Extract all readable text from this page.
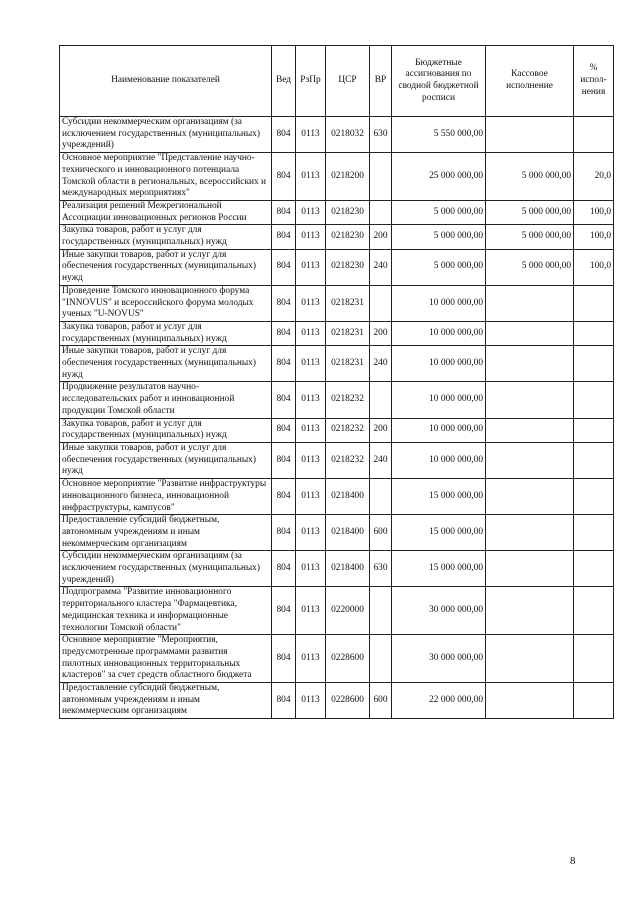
Наименование показателей	Вед	РзПр	ЦСР	ВР	Бюджетные ассигнования по сводной бюджетной росписи	Кассовое исполнение	% испол-нения
Субсидии некоммерческим организациям (за исключением государственных (муниципальных) учреждений)	804	0113	0218032	630	5 550 000,00		
Основное мероприятие "Представление научно-технического и инновационного потенциала Томской области в региональных, всероссийских и международных мероприятиях"	804	0113	0218200		25 000 000,00	5 000 000,00	20,0
Реализация решений Межрегиональной Ассоциации инновационных регионов России	804	0113	0218230		5 000 000,00	5 000 000,00	100,0
Закупка товаров, работ и услуг для государственных (муниципальных) нужд	804	0113	0218230	200	5 000 000,00	5 000 000,00	100,0
Иные закупки товаров, работ и услуг для обеспечения государственных (муниципальных) нужд	804	0113	0218230	240	5 000 000,00	5 000 000,00	100,0
Проведение Томского инновационного форума "INNOVUS" и всероссийского форума молодых ученых "U-NOVUS"	804	0113	0218231		10 000 000,00		
Закупка товаров, работ и услуг для государственных (муниципальных) нужд	804	0113	0218231	200	10 000 000,00		
Иные закупки товаров, работ и услуг для обеспечения государственных (муниципальных) нужд	804	0113	0218231	240	10 000 000,00		
Продвижение результатов научно-исследовательских работ и инновационной продукции Томской области	804	0113	0218232		10 000 000,00		
Закупка товаров, работ и услуг для государственных (муниципальных) нужд	804	0113	0218232	200	10 000 000,00		
Иные закупки товаров, работ и услуг для обеспечения государственных (муниципальных) нужд	804	0113	0218232	240	10 000 000,00		
Основное мероприятие "Развитие инфраструктуры инновационного бизнеса, инновационной инфраструктуры, кампусов"	804	0113	0218400		15 000 000,00		
Предоставление субсидий бюджетным, автономным учреждениям и иным некоммерческим организациям	804	0113	0218400	600	15 000 000,00		
Субсидии некоммерческим организациям (за исключением государственных (муниципальных) учреждений)	804	0113	0218400	630	15 000 000,00		
Подпрограмма "Развитие инновационного территориального кластера "Фармацевтика, медицинская техника и информационные технологии Томской области"	804	0113	0220000		30 000 000,00		
Основное мероприятие "Мероприятия, предусмотренные программами развития пилотных инновационных территориальных кластеров" за счет средств областного бюджета	804	0113	0228600		30 000 000,00		
Предоставление субсидий бюджетным, автономным учреждениям и иным некоммерческим организациям	804	0113	0228600	600	22 000 000,00		
8
